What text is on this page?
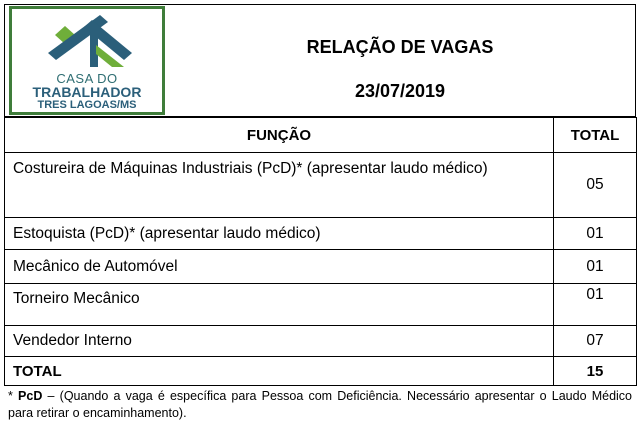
CASA DO
TRABALHADOR
TRES LAGOAS/MS
RELAÇÃO DE VAGAS
23/07/2019
FUNÇÃO	TOTAL
Costureira de Máquinas Industriais (PcD)* (apresentar laudo médico)	05
Estoquista (PcD)* (apresentar laudo médico)	01
Mecânico de Automóvel	01
Torneiro Mecânico	01
Vendedor Interno	07
TOTAL	15
* PcD – (Quando a vaga é específica para Pessoa com Deficiência. Necessário apresentar o Laudo Médico para retirar o encaminhamento).
